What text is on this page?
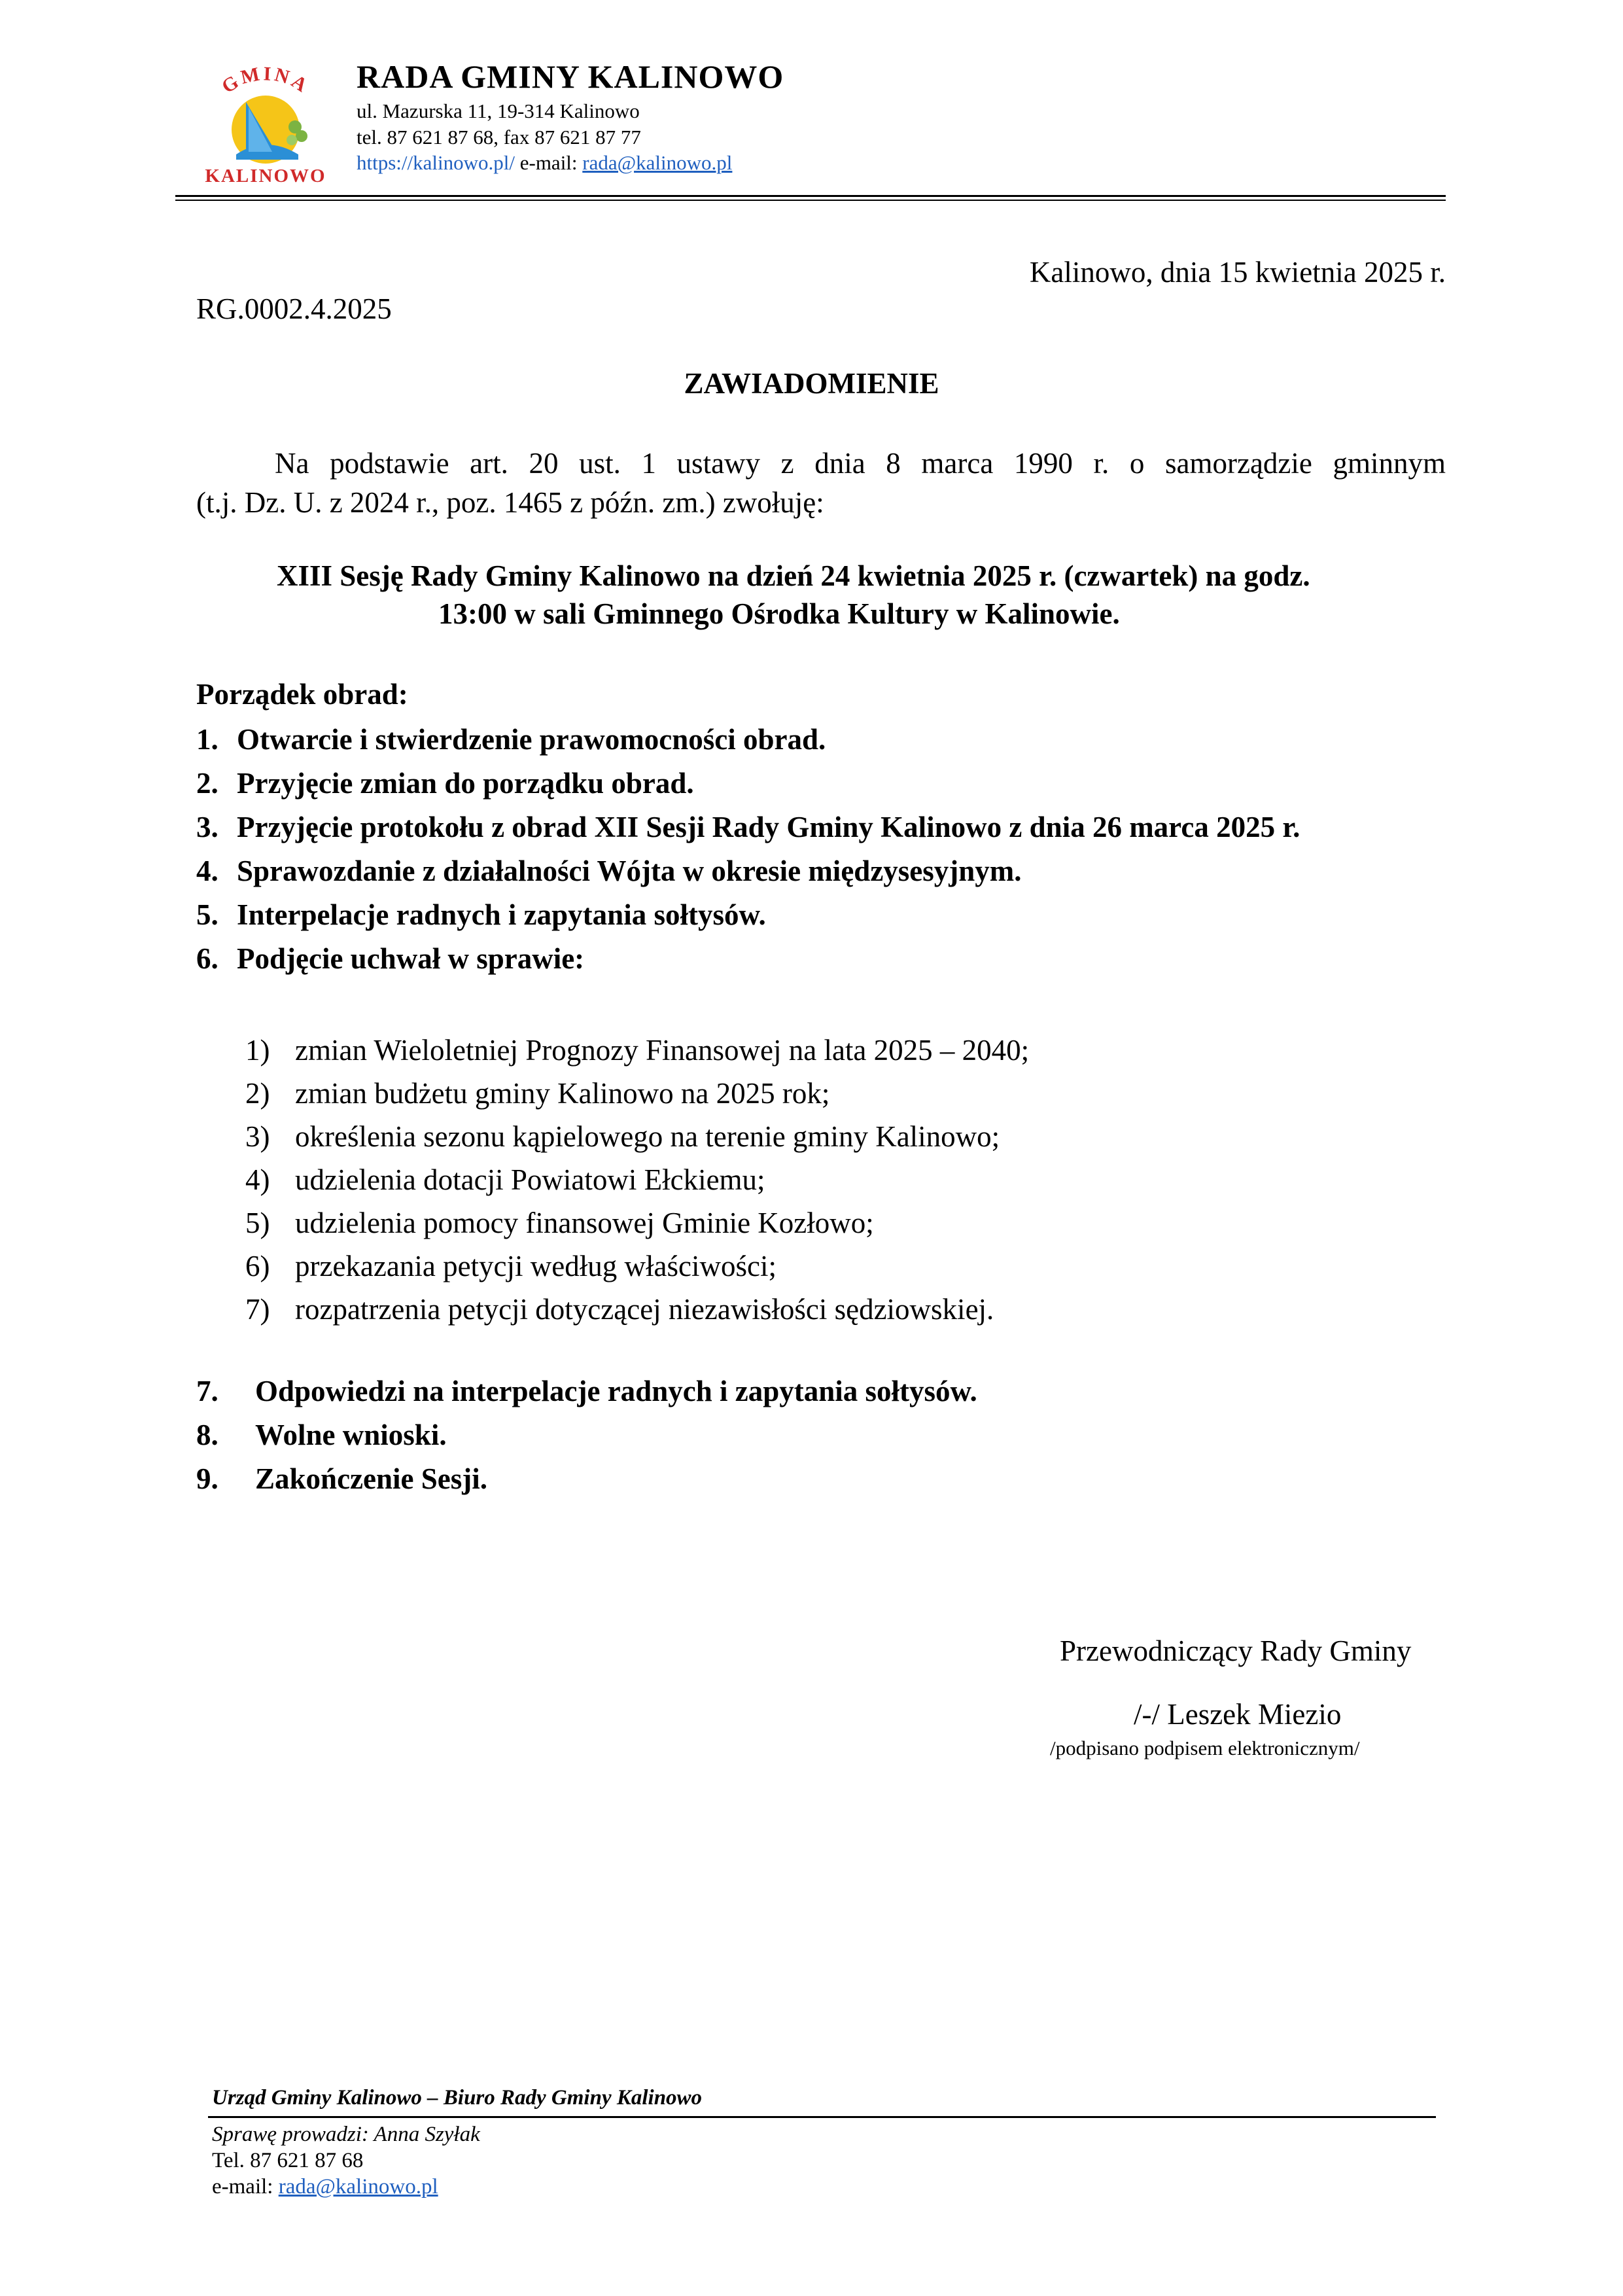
GMINA
KALINOWO
RADA GMINY KALINOWO
ul. Mazurska 11, 19-314 Kalinowo
tel. 87 621 87 68, fax 87 621 87 77
https://kalinowo.pl/ e-mail: rada@kalinowo.pl
Kalinowo, dnia 15 kwietnia 2025 r.
RG.0002.4.2025
ZAWIADOMIENIE
Na podstawie art. 20 ust. 1 ustawy z dnia 8 marca 1990 r. o samorządzie gminnym
(t.j. Dz. U. z 2024 r., poz. 1465 z późn. zm.) zwołuję:
XIII Sesję Rady Gminy Kalinowo na dzień 24 kwietnia 2025 r. (czwartek) na godz.
13:00 w sali Gminnego Ośrodka Kultury w Kalinowie.
Porządek obrad:
1. Otwarcie i stwierdzenie prawomocności obrad.
2. Przyjęcie zmian do porządku obrad.
3. Przyjęcie protokołu z obrad XII Sesji Rady Gminy Kalinowo z dnia 26 marca 2025 r.
4. Sprawozdanie z działalności Wójta w okresie międzysesyjnym.
5. Interpelacje radnych i zapytania sołtysów.
6. Podjęcie uchwał w sprawie:
1) zmian Wieloletniej Prognozy Finansowej na lata 2025 – 2040;
2) zmian budżetu gminy Kalinowo na 2025 rok;
3) określenia sezonu kąpielowego na terenie gminy Kalinowo;
4) udzielenia dotacji Powiatowi Ełckiemu;
5) udzielenia pomocy finansowej Gminie Kozłowo;
6) przekazania petycji według właściwości;
7) rozpatrzenia petycji dotyczącej niezawisłości sędziowskiej.
7. Odpowiedzi na interpelacje radnych i zapytania sołtysów.
8. Wolne wnioski.
9. Zakończenie Sesji.
Przewodniczący Rady Gminy
/-/ Leszek Miezio
/podpisano podpisem elektronicznym/
Urząd Gminy Kalinowo – Biuro Rady Gminy Kalinowo
Sprawę prowadzi: Anna Szyłak
Tel. 87 621 87 68
e-mail: rada@kalinowo.pl
